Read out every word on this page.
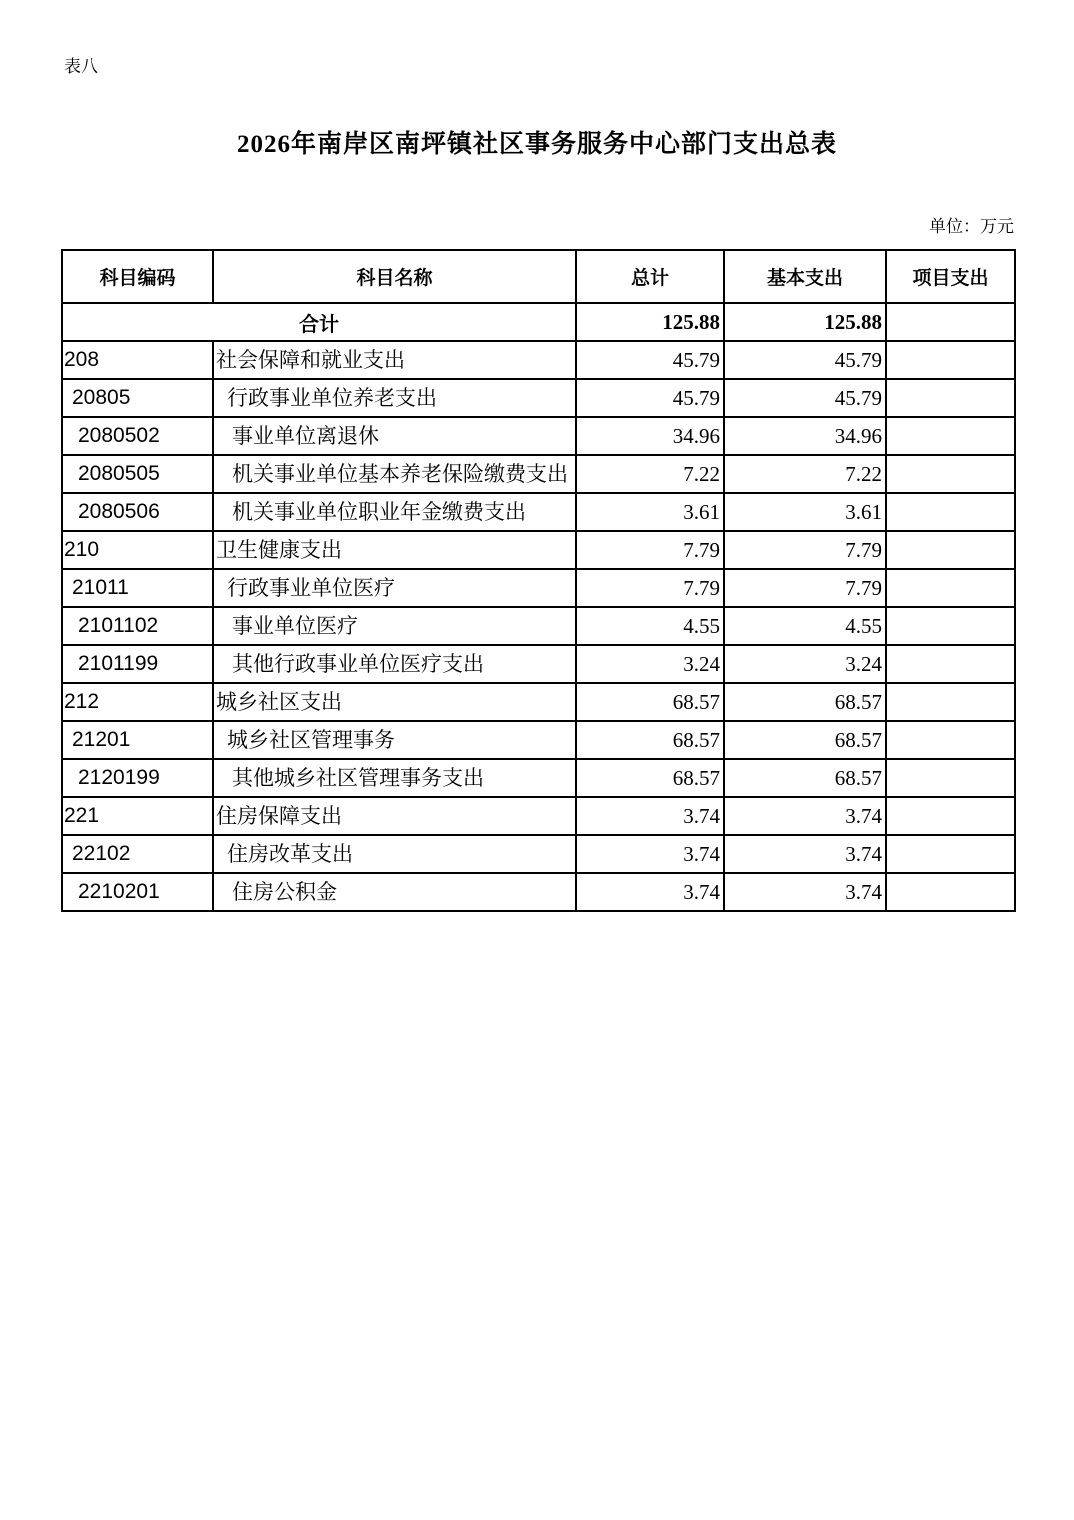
表八
2026年南岸区南坪镇社区事务服务中心部门支出总表
单位：万元
科目编码	科目名称	总计	基本支出	项目支出
合计		125.88	125.88	
208	社会保障和就业支出	45.79	45.79	
20805	行政事业单位养老支出	45.79	45.79	
2080502	事业单位离退休	34.96	34.96	
2080505	机关事业单位基本养老保险缴费支出	7.22	7.22	
2080506	机关事业单位职业年金缴费支出	3.61	3.61	
210	卫生健康支出	7.79	7.79	
21011	行政事业单位医疗	7.79	7.79	
2101102	事业单位医疗	4.55	4.55	
2101199	其他行政事业单位医疗支出	3.24	3.24	
212	城乡社区支出	68.57	68.57	
21201	城乡社区管理事务	68.57	68.57	
2120199	其他城乡社区管理事务支出	68.57	68.57	
221	住房保障支出	3.74	3.74	
22102	住房改革支出	3.74	3.74	
2210201	住房公积金	3.74	3.74	
